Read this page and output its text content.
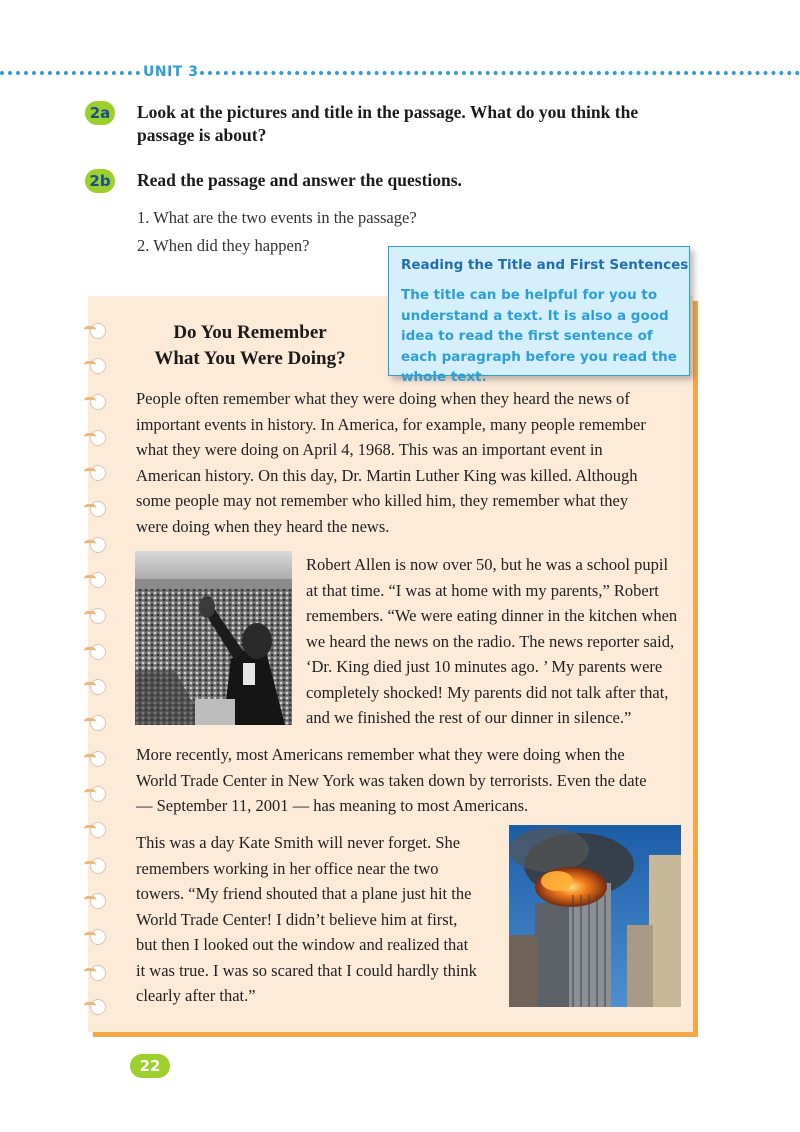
UNIT 3
2a Look at the pictures and title in the passage. What do you think the passage is about?
2b Read the passage and answer the questions.
1. What are the two events in the passage?
2. When did they happen?
Reading the Title and First Sentences
The title can be helpful for you to understand a text. It is also a good idea to read the first sentence of each paragraph before you read the whole text.
Do You Remember
What You Were Doing?
People often remember what they were doing when they heard the news of
important events in history. In America, for example, many people remember
what they were doing on April 4, 1968. This was an important event in
American history. On this day, Dr. Martin Luther King was killed. Although
some people may not remember who killed him, they remember what they
were doing when they heard the news.
Robert Allen is now over 50, but he was a school pupil
at that time. “I was at home with my parents,” Robert
remembers. “We were eating dinner in the kitchen when
we heard the news on the radio. The news reporter said,
‘Dr. King died just 10 minutes ago. ’ My parents were
completely shocked! My parents did not talk after that,
and we finished the rest of our dinner in silence.”
More recently, most Americans remember what they were doing when the
World Trade Center in New York was taken down by terrorists. Even the date
— September 11, 2001 — has meaning to most Americans.
This was a day Kate Smith will never forget. She
remembers working in her office near the two
towers. “My friend shouted that a plane just hit the
World Trade Center! I didn’t believe him at first,
but then I looked out the window and realized that
it was true. I was so scared that I could hardly think
clearly after that.”
22
